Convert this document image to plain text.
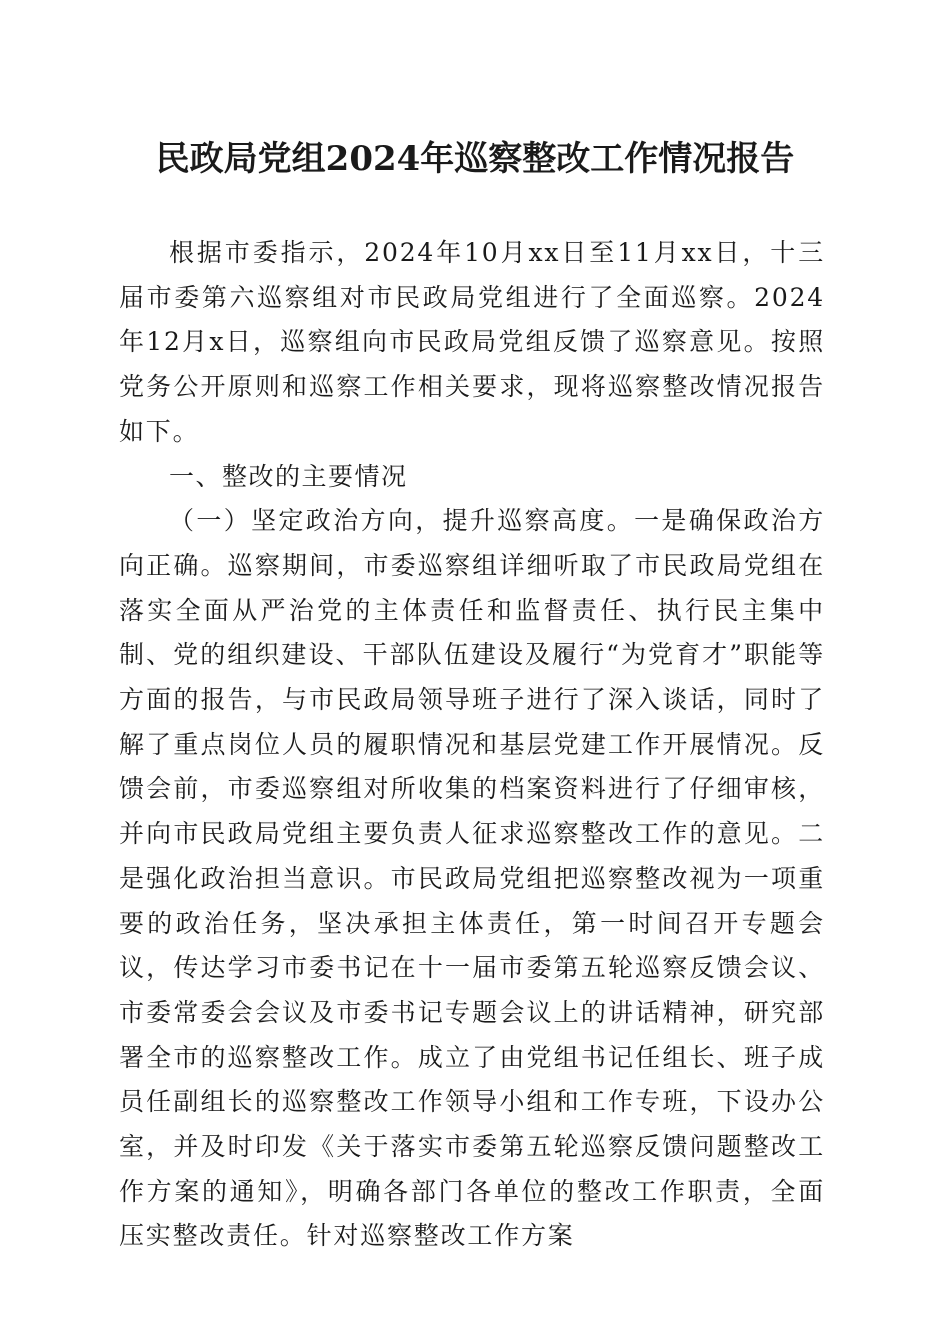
民政局党组2024年巡察整改工作情况报告

根据市委指示，2024年10月xx日至11月xx日，十三届市委第六巡察组对市民政局党组进行了全面巡察。2024年12月x日，巡察组向市民政局党组反馈了巡察意见。按照党务公开原则和巡察工作相关要求，现将巡察整改情况报告如下。

一、整改的主要情况

（一）坚定政治方向，提升巡察高度。一是确保政治方向正确。巡察期间，市委巡察组详细听取了市民政局党组在落实全面从严治党的主体责任和监督责任、执行民主集中制、党的组织建设、干部队伍建设及履行“为党育才”职能等方面的报告，与市民政局领导班子进行了深入谈话，同时了解了重点岗位人员的履职情况和基层党建工作开展情况。反馈会前，市委巡察组对所收集的档案资料进行了仔细审核，并向市民政局党组主要负责人征求巡察整改工作的意见。二是强化政治担当意识。市民政局党组把巡察整改视为一项重要的政治任务，坚决承担主体责任，第一时间召开专题会议，传达学习市委书记在十一届市委第五轮巡察反馈会议、市委常委会会议及市委书记专题会议上的讲话精神，研究部署全市的巡察整改工作。成立了由党组书记任组长、班子成员任副组长的巡察整改工作领导小组和工作专班，下设办公室，并及时印发《关于落实市委第五轮巡察反馈问题整改工作方案的通知》，明确各部门各单位的整改工作职责，全面压实整改责任。针对巡察整改工作方案
